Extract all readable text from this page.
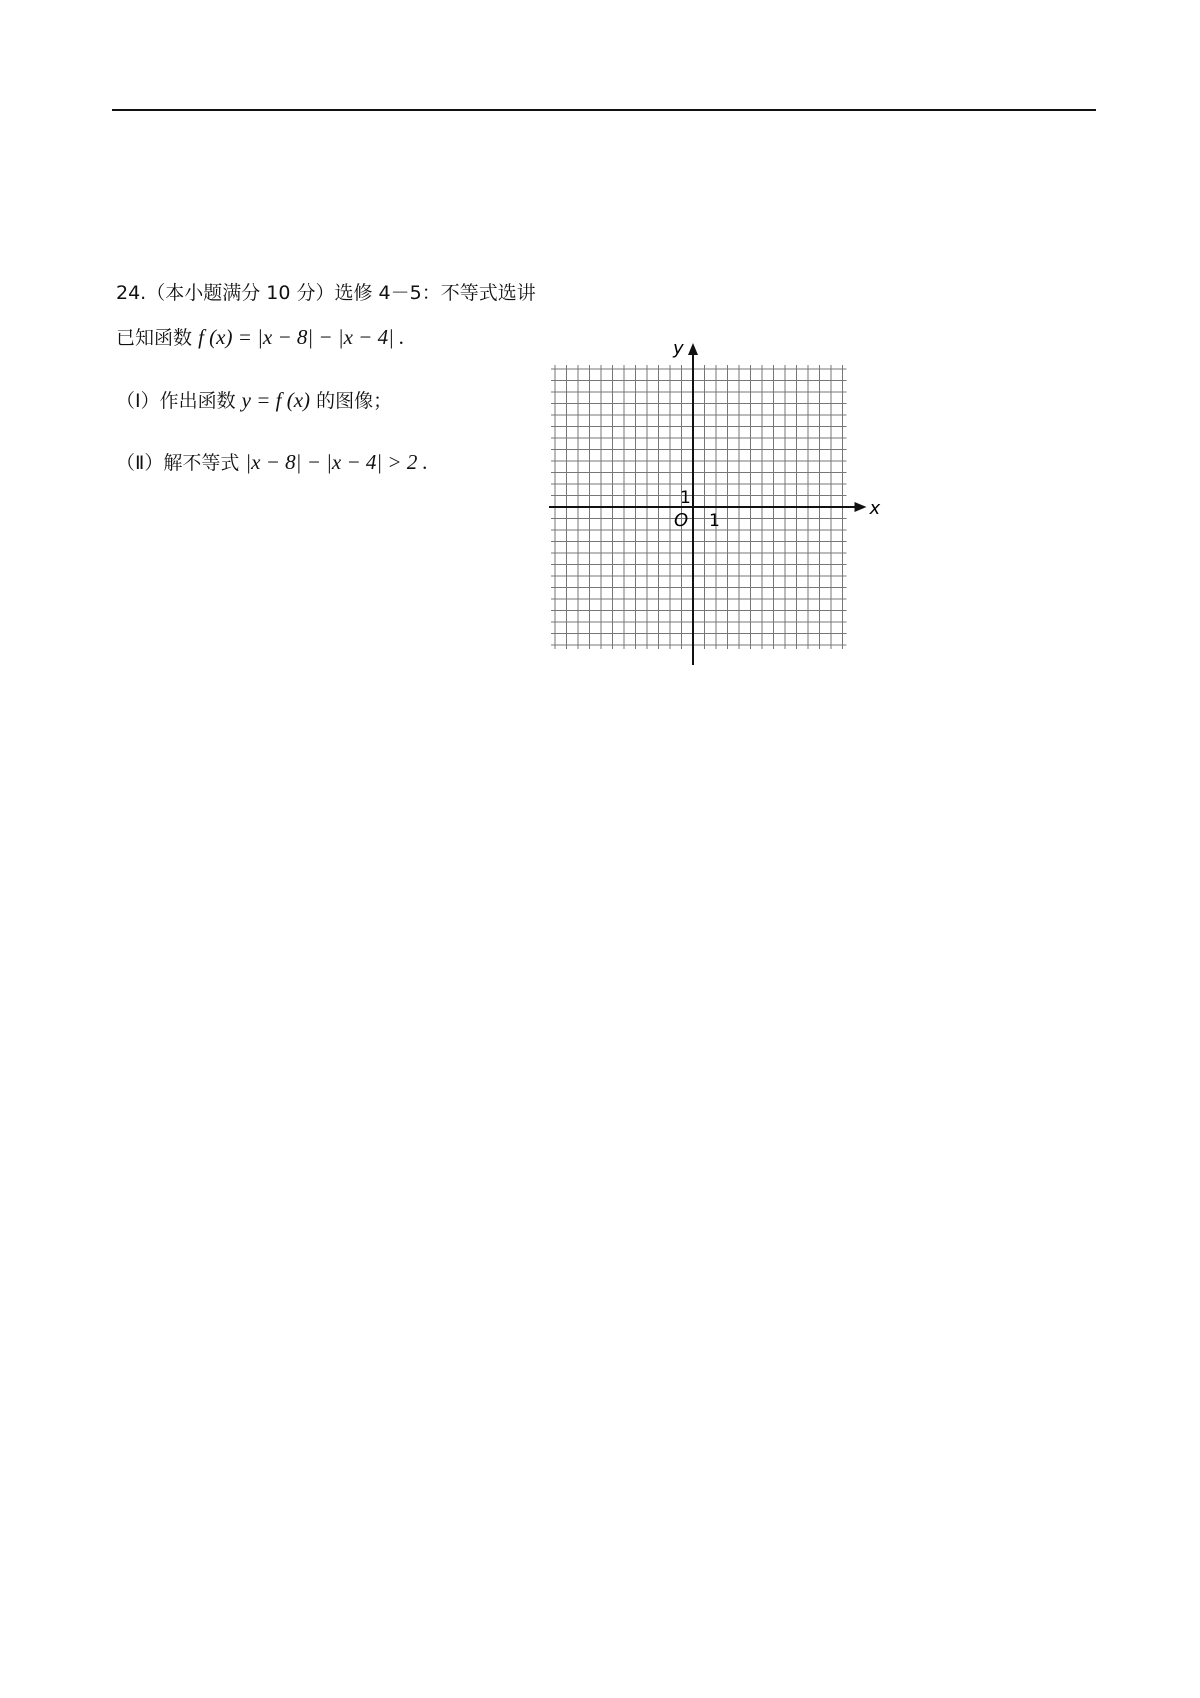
24.（本小题满分 10 分）选修 4－5：不等式选讲
已知函数 f (x) = |x − 8| − |x − 4| .
（Ⅰ）作出函数 y = f (x) 的图像；
（Ⅱ）解不等式 |x − 8| − |x − 4| > 2 .
y
x
O 1
1
